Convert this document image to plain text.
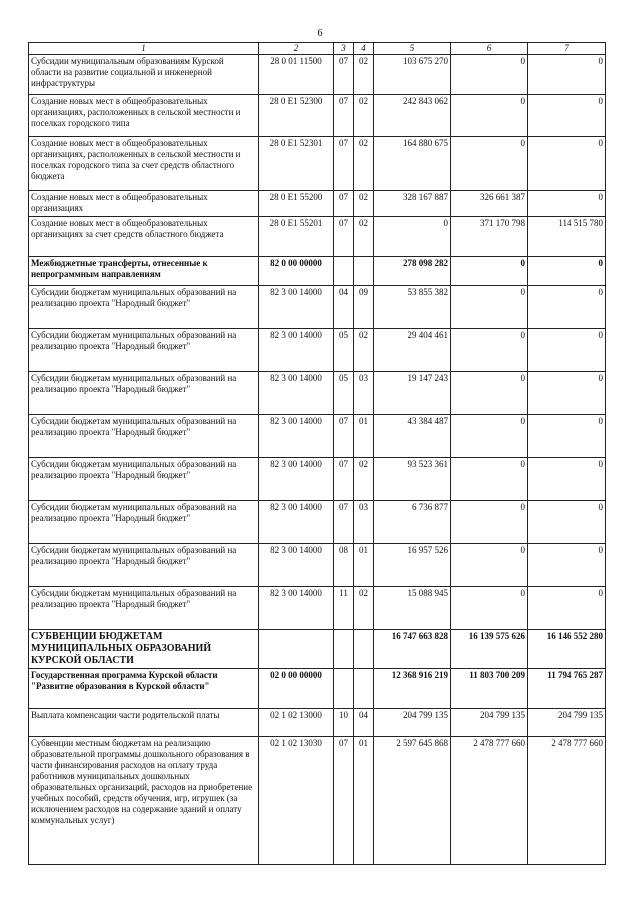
6
1	2	3	4	5	6	7
Субсидии муниципальным образованиям Курской области на развитие социальной и инженерной инфраструктуры	28 0 01 11500	07	02	103 675 270	0	0
Создание новых мест в общеобразовательных организациях, расположенных в сельской местности и поселках городского типа	28 0 E1 52300	07	02	242 843 062	0	0
Создание новых мест в общеобразовательных организациях, расположенных в сельской местности и поселках городского типа за счет средств областного бюджета	28 0 E1 52301	07	02	164 880 675	0	0
Создание новых мест в общеобразовательных организациях	28 0 E1 55200	07	02	328 167 887	326 661 387	0
Создание новых мест в общеобразовательных организациях за счет средств областного бюджета	28 0 E1 55201	07	02	0	371 170 798	114 515 780
Межбюджетные трансферты, отнесенные к непрограммным направлениям	82 0 00 00000			278 098 282	0	0
Субсидии бюджетам муниципальных образований на реализацию проекта "Народный бюджет"	82 3 00 14000	04	09	53 855 382	0	0
Субсидии бюджетам муниципальных образований на реализацию проекта "Народный бюджет"	82 3 00 14000	05	02	29 404 461	0	0
Субсидии бюджетам муниципальных образований на реализацию проекта "Народный бюджет"	82 3 00 14000	05	03	19 147 243	0	0
Субсидии бюджетам муниципальных образований на реализацию проекта "Народный бюджет"	82 3 00 14000	07	01	43 384 487	0	0
Субсидии бюджетам муниципальных образований на реализацию проекта "Народный бюджет"	82 3 00 14000	07	02	93 523 361	0	0
Субсидии бюджетам муниципальных образований на реализацию проекта "Народный бюджет"	82 3 00 14000	07	03	6 736 877	0	0
Субсидии бюджетам муниципальных образований на реализацию проекта "Народный бюджет"	82 3 00 14000	08	01	16 957 526	0	0
Субсидии бюджетам муниципальных образований на реализацию проекта "Народный бюджет"	82 3 00 14000	11	02	15 088 945	0	0
СУБВЕНЦИИ БЮДЖЕТАМ МУНИЦИПАЛЬНЫХ ОБРАЗОВАНИЙ КУРСКОЙ ОБЛАСТИ				16 747 663 828	16 139 575 626	16 146 552 280
Государственная программа Курской области "Развитие образования в Курской области"	02 0 00 00000			12 368 916 219	11 803 700 209	11 794 765 287
Выплата компенсации части родительской платы	02 1 02 13000	10	04	204 799 135	204 799 135	204 799 135
Субвенции местным бюджетам на реализацию образовательной программы дошкольного образования в части финансирования расходов на оплату труда работников муниципальных дошкольных образовательных организаций, расходов на приобретение учебных пособий, средств обучения, игр, игрушек (за исключением расходов на содержание зданий и оплату коммунальных услуг)	02 1 02 13030	07	01	2 597 645 868	2 478 777 660	2 478 777 660
